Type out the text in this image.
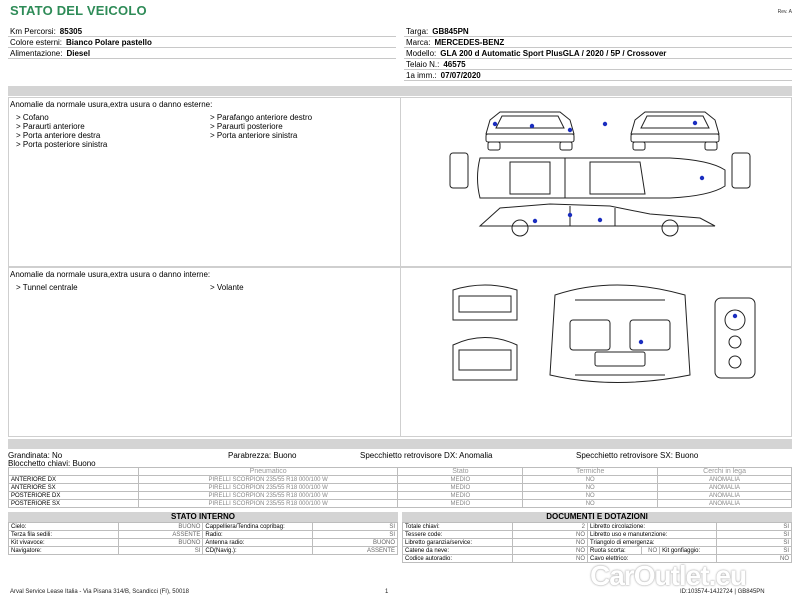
STATO DEL VEICOLO	Rev. A
Km Percorsi: 85305
Colore esterni: Bianco Polare pastello
Alimentazione: Diesel
Targa: GB845PN
Marca: MERCEDES-BENZ
Modello: GLA 200 d Automatic Sport PlusGLA / 2020 / 5P / Crossover
Telaio N.: 46575
1a imm.: 07/07/2020
Anomalie da normale usura,extra usura o danno esterne:
> Cofano
> Paraurti anteriore
> Porta anteriore destra
> Porta posteriore sinistra
> Parafango anteriore destro
> Paraurti posteriore
> Porta anteriore sinistra
Anomalie da normale usura,extra usura o danno interne:
> Tunnel centrale	> Volante
Grandinata: No	Parabrezza: Buono	Specchietto retrovisore DX: Anomalia	Specchietto retrovisore SX: Buono
Blocchetto chiavi: Buono
	Pneumatico	Stato	Termiche	Cerchi in lega
ANTERIORE DX	PIRELLI SCORPION 235/55 R18 000/100 W	MEDIO	NO	ANOMALIA
ANTERIORE SX	PIRELLI SCORPION 235/55 R18 000/100 W	MEDIO	NO	ANOMALIA
POSTERIORE DX	PIRELLI SCORPION 235/55 R18 000/100 W	MEDIO	NO	ANOMALIA
POSTERIORE SX	PIRELLI SCORPION 235/55 R18 000/100 W	MEDIO	NO	ANOMALIA
STATO INTERNO
Cielo:	BUONO	Cappelliera/Tendina copribag:	SI
Terza fila sedili:	ASSENTE	Radio:	SI
Kit vivavoce:	BUONO	Antenna radio:	BUONO
Navigatore:	SI	CD(Navig.):	ASSENTE
DOCUMENTI E DOTAZIONI
Totale chiavi:	2	Libretto circolazione:			SI
Tessere code:	NO	Libretto uso e manutenzione:			SI
Libretto garanzia/service:	NO	Triangolo di emergenza:			SI
Catene da neve:	NO	Ruota scorta:	NO	Kit gonfiaggio:	SI
Codice autoradio:	NO	Cavo elettrico:			NO
Arval Service Lease Italia - Via Pisana 314/B, Scandicci (FI), 50018	1	ID:103574-14J2724 | GB845PN
CarOutlet.eu
